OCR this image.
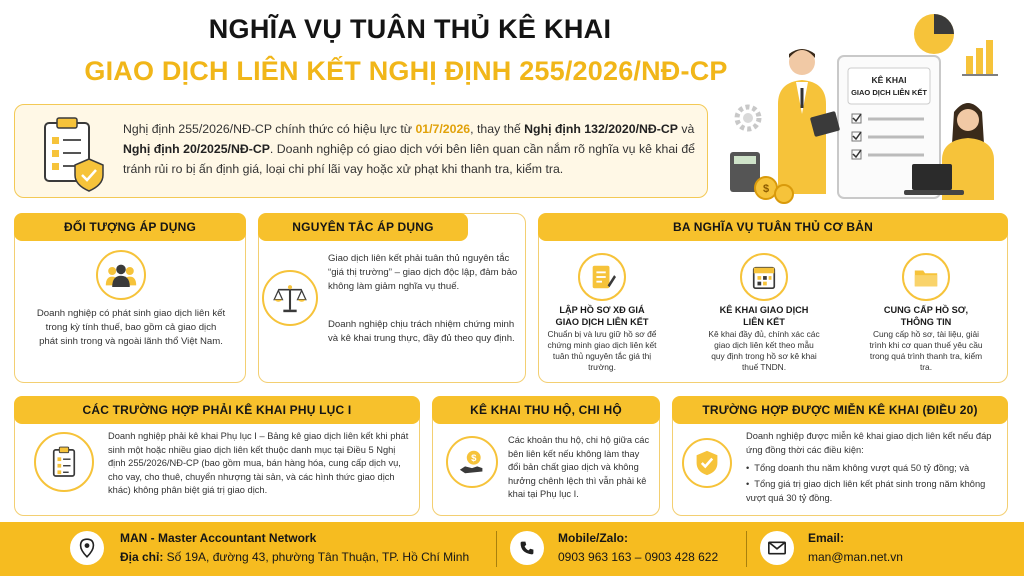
NGHĨA VỤ TUÂN THỦ KÊ KHAI
GIAO DỊCH LIÊN KẾT NGHỊ ĐỊNH 255/2026/NĐ-CP
Nghị định 255/2026/NĐ-CP chính thức có hiệu lực từ 01/7/2026, thay thế Nghị định 132/2020/NĐ-CP và Nghị định 20/2025/NĐ-CP. Doanh nghiệp có giao dịch với bên liên quan cần nắm rõ nghĩa vụ kê khai để tránh rủi ro bị ấn định giá, loại chi phí lãi vay hoặc xử phạt khi thanh tra, kiểm tra.
KÊ KHAI
GIAO DỊCH LIÊN KẾT
$
ĐỐI TƯỢNG ÁP DỤNG
Doanh nghiệp có phát sinh giao dịch liên kết trong kỳ tính thuế, bao gồm cả giao dịch phát sinh trong và ngoài lãnh thổ Việt Nam.
NGUYÊN TẮC ÁP DỤNG
Giao dịch liên kết phải tuân thủ nguyên tắc “giá thị trường” – giao dịch độc lập, đảm bảo không làm giảm nghĩa vụ thuế.
Doanh nghiệp chịu trách nhiệm chứng minh và kê khai trung thực, đầy đủ theo quy định.
BA NGHĨA VỤ TUÂN THỦ CƠ BẢN
LẬP HỒ SƠ XĐ GIÁ GIAO DỊCH LIÊN KẾT
Chuẩn bị và lưu giữ hồ sơ để chứng minh giao dịch liên kết tuân thủ nguyên tắc giá thị trường.
KÊ KHAI GIAO DỊCH LIÊN KẾT
Kê khai đầy đủ, chính xác các giao dịch liên kết theo mẫu quy định trong hồ sơ kê khai thuế TNDN.
CUNG CẤP HỒ SƠ, THÔNG TIN
Cung cấp hồ sơ, tài liệu, giải trình khi cơ quan thuế yêu cầu trong quá trình thanh tra, kiểm tra.
CÁC TRƯỜNG HỢP PHẢI KÊ KHAI PHỤ LỤC I
Doanh nghiệp phải kê khai Phụ lục I – Bảng kê giao dịch liên kết khi phát sinh một hoặc nhiều giao dịch liên kết thuộc danh mục tại Điều 5 Nghị định 255/2026/NĐ-CP (bao gồm mua, bán hàng hóa, cung cấp dịch vụ, cho vay, cho thuê, chuyển nhượng tài sản, và các hình thức giao dịch khác) không phân biệt giá trị giao dịch.
KÊ KHAI THU HỘ, CHI HỘ
$
Các khoản thu hộ, chi hộ giữa các bên liên kết nếu không làm thay đổi bản chất giao dịch và không hưởng chênh lệch thì vẫn phải kê khai tại Phụ lục I.
TRƯỜNG HỢP ĐƯỢC MIỄN KÊ KHAI (ĐIỀU 20)
Doanh nghiệp được miễn kê khai giao dịch liên kết nếu đáp ứng đồng thời các điều kiện:
•  Tổng doanh thu năm không vượt quá 50 tỷ đồng; và
•  Tổng giá trị giao dịch liên kết phát sinh trong năm không vượt quá 30 tỷ đồng.
MAN - Master Accountant Network
Địa chỉ: Số 19A, đường 43, phường Tân Thuận, TP. Hồ Chí Minh
Mobile/Zalo:
0903 963 163 – 0903 428 622
Email:
man@man.net.vn
